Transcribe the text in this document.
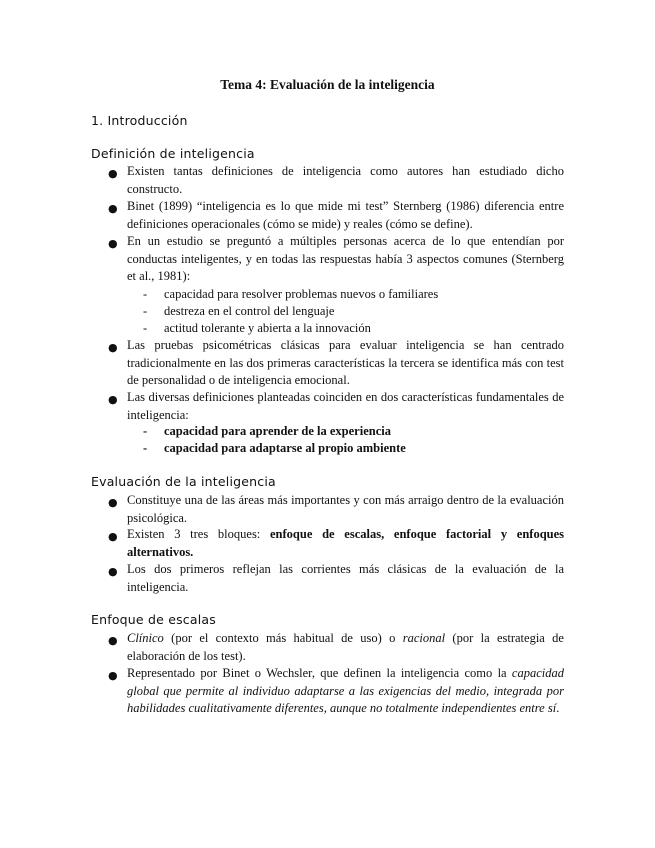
Tema 4: Evaluación de la inteligencia
1. Introducción
Definición de inteligencia
● Existen tantas definiciones de inteligencia como autores han estudiado dicho constructo.
● Binet (1899) “inteligencia es lo que mide mi test” Sternberg (1986) diferencia entre definiciones operacionales (cómo se mide) y reales (cómo se define).
● En un estudio se preguntó a múltiples personas acerca de lo que entendían por conductas inteligentes, y en todas las respuestas había 3 aspectos comunes (Sternberg et al., 1981):
- capacidad para resolver problemas nuevos o familiares
- destreza en el control del lenguaje
- actitud tolerante y abierta a la innovación
● Las pruebas psicométricas clásicas para evaluar inteligencia se han centrado tradicionalmente en las dos primeras características la tercera se identifica más con test de personalidad o de inteligencia emocional.
● Las diversas definiciones planteadas coinciden en dos características fundamentales de inteligencia:
- capacidad para aprender de la experiencia
- capacidad para adaptarse al propio ambiente
Evaluación de la inteligencia
● Constituye una de las áreas más importantes y con más arraigo dentro de la evaluación psicológica.
● Existen 3 tres bloques: enfoque de escalas, enfoque factorial y enfoques alternativos.
● Los dos primeros reflejan las corrientes más clásicas de la evaluación de la inteligencia.
Enfoque de escalas
● Clínico (por el contexto más habitual de uso) o racional (por la estrategia de elaboración de los test).
● Representado por Binet o Wechsler, que definen la inteligencia como la capacidad global que permite al individuo adaptarse a las exigencias del medio, integrada por habilidades cualitativamente diferentes, aunque no totalmente independientes entre sí.
